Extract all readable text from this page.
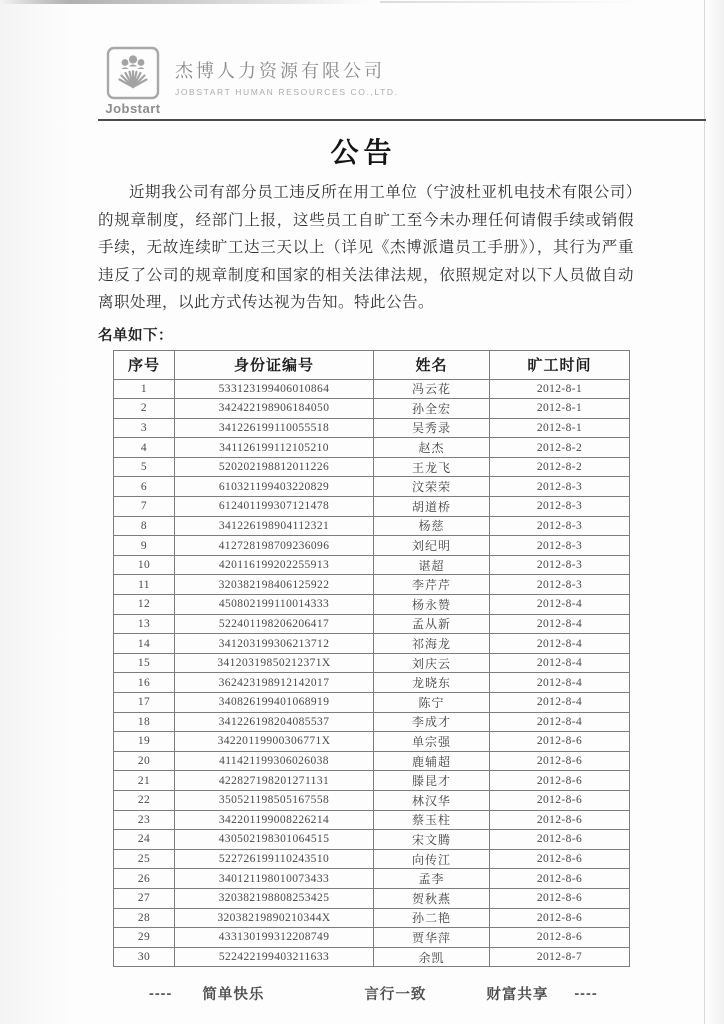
Jobstart
杰博人力资源有限公司
JOBSTART HUMAN RESOURCES CO.,LTD.
公告
近期我公司有部分员工违反所在用工单位（宁波杜亚机电技术有限公司）的规章制度，经部门上报，这些员工自旷工至今未办理任何请假手续或销假手续，无故连续旷工达三天以上（详见《杰博派遣员工手册》），其行为严重违反了公司的规章制度和国家的相关法律法规，依照规定对以下人员做自动离职处理，以此方式传达视为告知。特此公告。
名单如下：
序号	身份证编号	姓名	旷工时间
1	533123199406010864	冯云花	2012-8-1
2	342422198906184050	孙全宏	2012-8-1
3	341226199110055518	吴秀录	2012-8-1
4	341126199112105210	赵杰	2012-8-2
5	520202198812011226	王龙飞	2012-8-2
6	610321199403220829	汶荣荣	2012-8-3
7	612401199307121478	胡道桥	2012-8-3
8	341226198904112321	杨慈	2012-8-3
9	412728198709236096	刘纪明	2012-8-3
10	420116199202255913	谌超	2012-8-3
11	320382198406125922	李芹芹	2012-8-3
12	450802199110014333	杨永赞	2012-8-4
13	522401198206206417	孟从新	2012-8-4
14	341203199306213712	祁海龙	2012-8-4
15	34120319850212371X	刘庆云	2012-8-4
16	362423198912142017	龙晓东	2012-8-4
17	340826199401068919	陈宁	2012-8-4
18	341226198204085537	李成才	2012-8-4
19	34220119900306771X	单宗强	2012-8-6
20	411421199306026038	鹿辅超	2012-8-6
21	422827198201271131	滕昆才	2012-8-6
22	350521198505167558	林汉华	2012-8-6
23	342201199008226214	蔡玉柱	2012-8-6
24	430502198301064515	宋文腾	2012-8-6
25	522726199110243510	向传江	2012-8-6
26	340121198010073433	孟李	2012-8-6
27	320382198808253425	贺秋燕	2012-8-6
28	32038219890210344X	孙二艳	2012-8-6
29	433130199312208749	贾华萍	2012-8-6
30	522422199403211633	余凯	2012-8-7
---- 简单快乐	言行一致	财富共享 ----
